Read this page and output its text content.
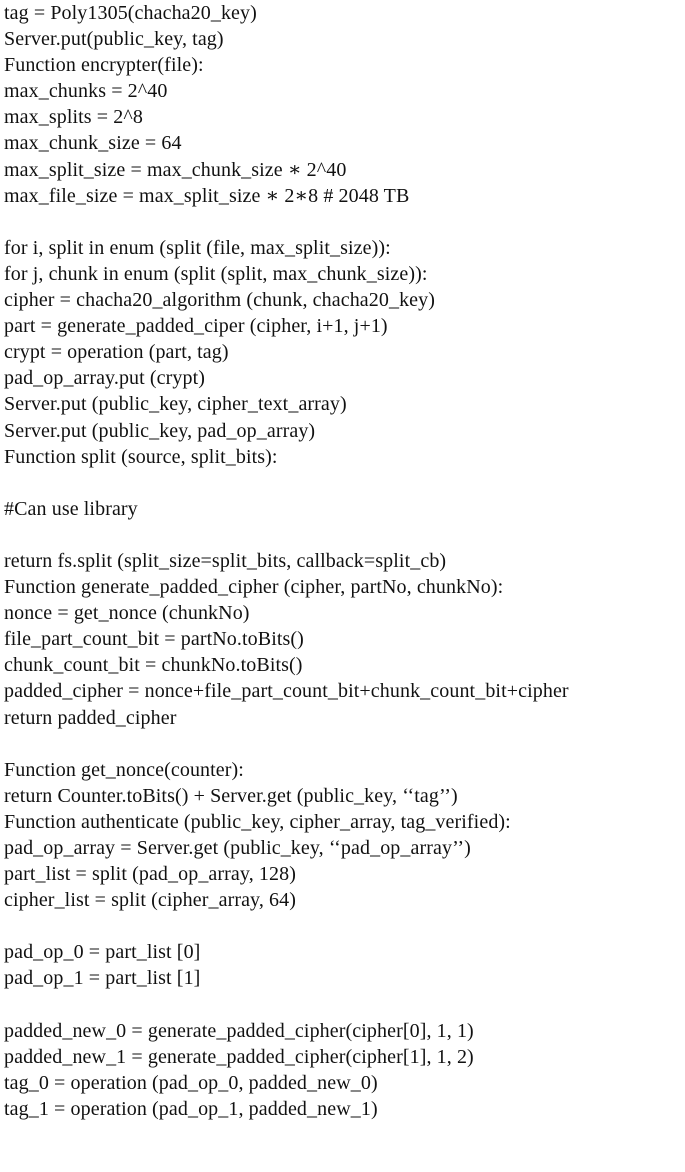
tag = Poly1305(chacha20_key)
Server.put(public_key, tag)
Function encrypter(file):
max_chunks = 2^40
max_splits = 2^8
max_chunk_size = 64
max_split_size = max_chunk_size ∗ 2^40
max_file_size = max_split_size ∗ 2∗8 # 2048 TB
for i, split in enum (split (file, max_split_size)):
for j, chunk in enum (split (split, max_chunk_size)):
cipher = chacha20_algorithm (chunk, chacha20_key)
part = generate_padded_ciper (cipher, i+1, j+1)
crypt = operation (part, tag)
pad_op_array.put (crypt)
Server.put (public_key, cipher_text_array)
Server.put (public_key, pad_op_array)
Function split (source, split_bits):
#Can use library
return fs.split (split_size=split_bits, callback=split_cb)
Function generate_padded_cipher (cipher, partNo, chunkNo):
nonce = get_nonce (chunkNo)
file_part_count_bit = partNo.toBits()
chunk_count_bit = chunkNo.toBits()
padded_cipher = nonce+file_part_count_bit+chunk_count_bit+cipher
return padded_cipher
Function get_nonce(counter):
return Counter.toBits() + Server.get (public_key, ‘‘tag’’)
Function authenticate (public_key, cipher_array, tag_verified):
pad_op_array = Server.get (public_key, ‘‘pad_op_array’’)
part_list = split (pad_op_array, 128)
cipher_list = split (cipher_array, 64)
pad_op_0 = part_list [0]
pad_op_1 = part_list [1]
padded_new_0 = generate_padded_cipher(cipher[0], 1, 1)
padded_new_1 = generate_padded_cipher(cipher[1], 1, 2)
tag_0 = operation (pad_op_0, padded_new_0)
tag_1 = operation (pad_op_1, padded_new_1)
